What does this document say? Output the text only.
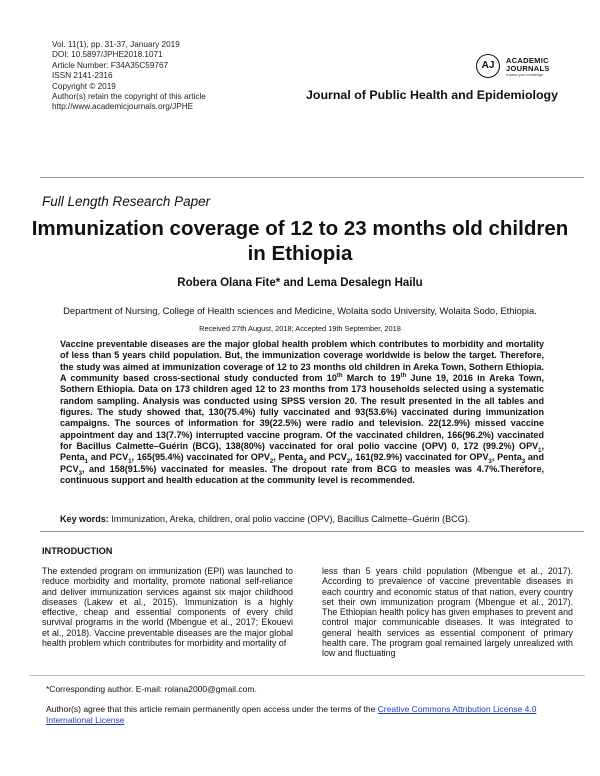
Vol. 11(1), pp. 31-37, January 2019
DOI: 10.5897/JPHE2018.1071
Article Number: F34A35C59767
ISSN 2141-2316
Copyright © 2019
Author(s) retain the copyright of this article
http://www.academicjournals.org/JPHE
AJ	ACADEMIC
JOURNALS
expand your knowledge
Journal of Public Health and Epidemiology
Full Length Research Paper
Immunization coverage of 12 to 23 months old children in Ethiopia
Robera Olana Fite* and Lema Desalegn Hailu
Department of Nursing, College of Health sciences and Medicine, Wolaita sodo University, Wolaita Sodo, Ethiopia.
Received 27th August, 2018; Accepted 19th September, 2018
Vaccine preventable diseases are the major global health problem which contributes to morbidity and mortality of less than 5 years child population. But, the immunization coverage worldwide is below the target. Therefore, the study was aimed at immunization coverage of 12 to 23 months old children in Areka Town, Sothern Ethiopia. A community based cross-sectional study conducted from 10th March to 19th June 19, 2016 in Areka Town, Sothern Ethiopia. Data on 173 children aged 12 to 23 months from 173 households selected using a systematic random sampling. Analysis was conducted using SPSS version 20. The result presented in the all tables and figures. The study showed that, 130(75.4%) fully vaccinated and 93(53.6%) vaccinated during immunization campaigns. The sources of information for 39(22.5%) were radio and television. 22(12.9%) missed vaccine appointment day and 13(7.7%) interrupted vaccine program. Of the vaccinated children, 166(96.2%) vaccinated for Bacillus Calmette–Guérin (BCG), 138(80%) vaccinated for oral polio vaccine (OPV) 0, 172 (99.2%) $OPV_1$, Penta$_1$ and $PCV_1$, 165(95.4%) vaccinated for $OPV_2$, Penta$_2$ and $PCV_2$, 161(92.9%) vaccinated for $OPV_3$, Penta$_3$ and $PCV_3$, and 158(91.5%) vaccinated for measles. The dropout rate from BCG to measles was 4.7%.Therefore, continuous support and health education at the community level is recommended.
Key words: Immunization, Areka, children, oral polio vaccine (OPV), Bacillus Calmette–Guérin (BCG).
INTRODUCTION
The extended program on immunization (EPI) was launched to reduce morbidity and mortality, promote national self-reliance and deliver immunization services against six major childhood diseases (Lakew et al., 2015). Immunization is a highly effective, cheap and essential components of every child survival programs in the world (Mbengue et al., 2017; Ekouevi et al., 2018). Vaccine preventable diseases are the major global health problem which contributes for morbidity and mortality of
less than 5 years child population (Mbengue et al., 2017). According to prevalence of vaccine preventable diseases in each country and economic status of that nation, every country set their own immunization program (Mbengue et al., 2017). The Ethiopian health policy has given emphases to prevent and control major communicable diseases. It was integrated to general health services as essential component of primary health care. The program goal remained largely unrealized with low and fluctuating
*Corresponding author. E-mail: rolana2000@gmail.com.
Author(s) agree that this article remain permanently open access under the terms of the Creative Commons Attribution License 4.0 International License
